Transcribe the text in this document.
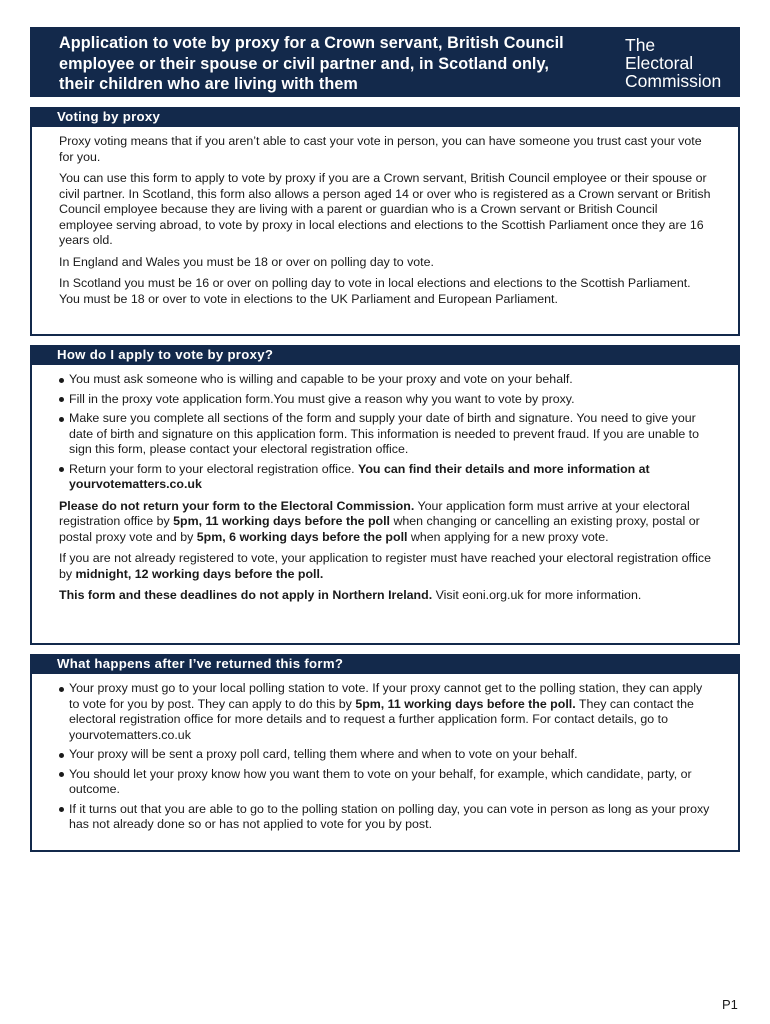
Application to vote by proxy for a Crown servant, British Council employee or their spouse or civil partner and, in Scotland only, their children who are living with them
The
Electoral
Commission
Voting by proxy

Proxy voting means that if you aren’t able to cast your vote in person, you can have someone you trust cast your vote for you.

You can use this form to apply to vote by proxy if you are a Crown servant, British Council employee or their spouse or civil partner. In Scotland, this form also allows a person aged 14 or over who is registered as a Crown servant or British Council employee because they are living with a parent or guardian who is a Crown servant or British Council employee serving abroad, to vote by proxy in local elections and elections to the Scottish Parliament once they are 16 years old.

In England and Wales you must be 18 or over on polling day to vote.

In Scotland you must be 16 or over on polling day to vote in local elections and elections to the Scottish Parliament. You must be 18 or over to vote in elections to the UK Parliament and European Parliament.

How do I apply to vote by proxy?
You must ask someone who is willing and capable to be your proxy and vote on your behalf.
Fill in the proxy vote application form.You must give a reason why you want to vote by proxy.
Make sure you complete all sections of the form and supply your date of birth and signature. You need to give your date of birth and signature on this application form. This information is needed to prevent fraud. If you are unable to sign this form, please contact your electoral registration office.
Return your form to your electoral registration office. You can find their details and more information at yourvotematters.co.uk

Please do not return your form to the Electoral Commission. Your application form must arrive at your electoral registration office by 5pm, 11 working days before the poll when changing or cancelling an existing proxy, postal or postal proxy vote and by 5pm, 6 working days before the poll when applying for a new proxy vote.

If you are not already registered to vote, your application to register must have reached your electoral registration office by midnight, 12 working days before the poll.

This form and these deadlines do not apply in Northern Ireland. Visit eoni.org.uk for more information.

What happens after I’ve returned this form?
Your proxy must go to your local polling station to vote. If your proxy cannot get to the polling station, they can apply to vote for you by post. They can apply to do this by 5pm, 11 working days before the poll. They can contact the electoral registration office for more details and to request a further application form. For contact details, go to yourvotematters.co.uk
Your proxy will be sent a proxy poll card, telling them where and when to vote on your behalf.
You should let your proxy know how you want them to vote on your behalf, for example, which candidate, party, or outcome.
If it turns out that you are able to go to the polling station on polling day, you can vote in person as long as your proxy has not already done so or has not applied to vote for you by post.
P1
